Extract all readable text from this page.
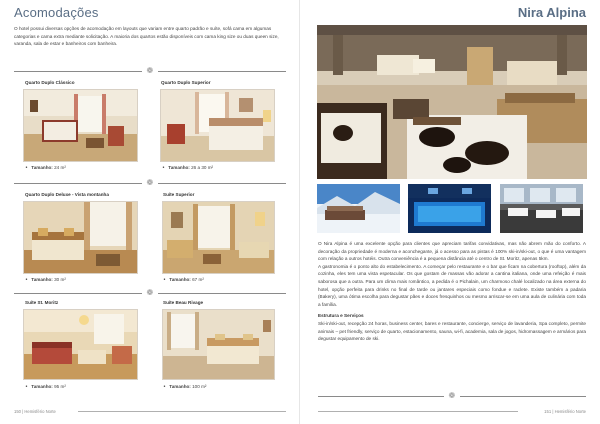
Acomodações

O hotel possui diversas opções de acomodação em layouts que variam entre quarto padrão e suíte, sofá cama em algumas categorias e cama extra mediante solicitação. A maioria dos quartos estão disponíveis com cama king size ou duas queen size, varanda, sala de estar e banheiros com banheira.

❁
Quarto Duplo Clássico
• Tamanho: 24 m²
Quarto Duplo Superior
• Tamanho: 26 a 30 m²
❁
Quarto Duplo Deluxe - Vista montanha
• Tamanho: 30 m²
Suíte Superior
• Tamanho: 67 m²
❁
Suíte St. Moritz
• Tamanho: 95 m²
Suíte Beau Rivage
• Tamanho: 100 m²
150 | Hemisfério Norte
Nira Alpina

O Nira Alpina é uma excelente opção para clientes que apreciam tarifas convidativas, mas não abrem mão do conforto. A decoração da propriedade é moderna e aconchegante, já o acesso para as pistas é 100% ski-in/ski-out, o que é uma vantagem com relação a outros hotéis. Outra conveniência é a pequena distância até o centro de St. Moritz, apenas 5km.

A gastronomia é o ponto alto do estabelecimento. A começar pelo restaurante e o bar que ficam na cobertura (rooftop), além da cozinha, eles tem uma vista espetacular. Os que gostam de massas vão adorar a cantina italiana, onde uma refeição é mais saborosa que a outra. Para um clima mais romântico, a pedida é o Pichalain, um charmoso chalé localizado na área externa do hotel, opção perfeita para drinks no final de tarde ou jantares especiais como fondue e raclete. Existe também a padaria (Bakery), uma ótima escolha para degustar pães e doces fresquinhos ou mesmo arriscar-se em uma aula de culinária com toda a família.

Estrutura e Serviços

Ski-in/ski-out, recepção 24 horas, business center, bares e restaurante, concierge, serviço de lavanderia, Spa completo, permite animais – pet friendly, serviço de quarto, estacionamento, sauna, wi-fi, academia, sala de jogos, hidromassagem e armários para degustar equipamento de ski.

❁
151 | Hemisfério Norte
